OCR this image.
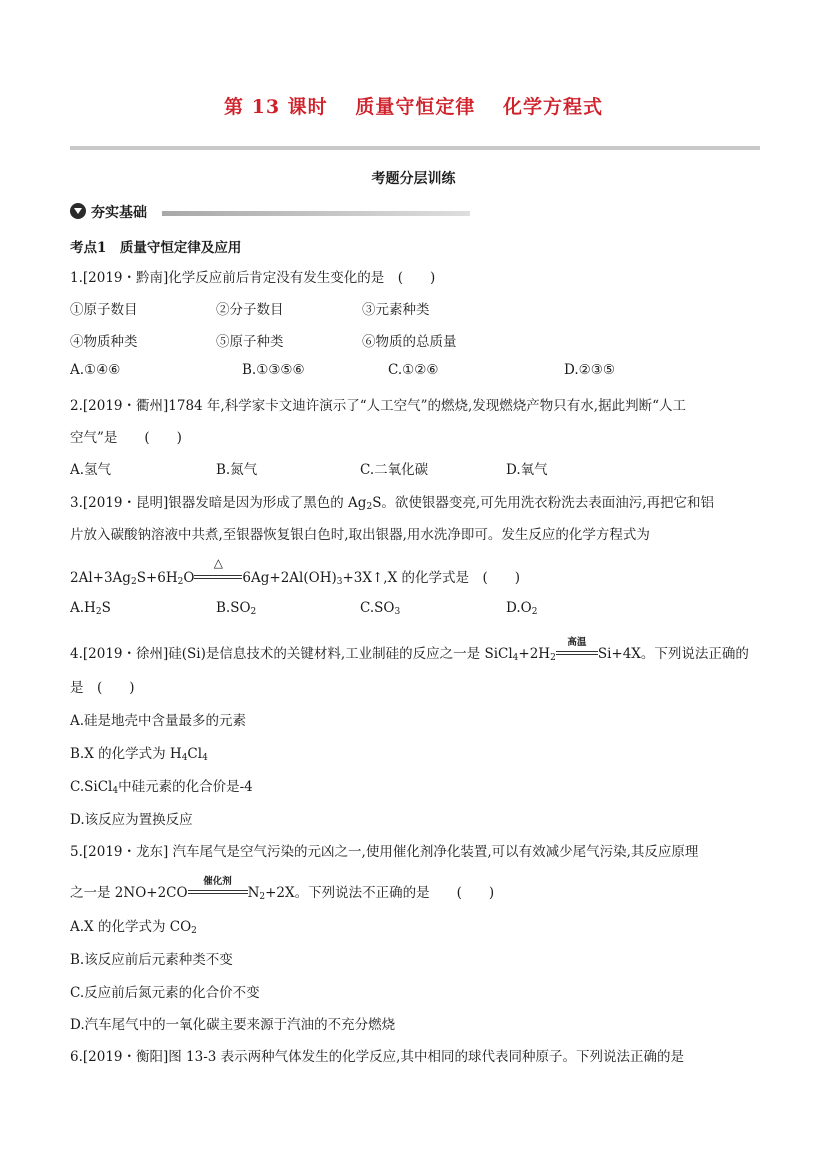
第 13 课时 质量守恒定律 化学方程式
考题分层训练
夯实基础
考点1　质量守恒定律及应用
1.[2019・黔南]化学反应前后肯定没有发生变化的是　(　　)
①原子数目	②分子数目	③元素种类
④物质种类	⑤原子种类	⑥物质的总质量
A.①④⑥	B.①③⑤⑥	C.①②⑥	D.②③⑤
2.[2019・衢州]1784 年,科学家卡文迪许演示了“人工空气”的燃烧,发现燃烧产物只有水,据此判断“人工
空气”是　　(　　)
A.氢气	B.氮气	C.二氧化碳	D.氧气
3.[2019・昆明]银器发暗是因为形成了黑色的 $Ag_2S$。欲使银器变亮,可先用洗衣粉洗去表面油污,再把它和铝
片放入碳酸钠溶液中共煮,至银器恢复银白色时,取出银器,用水洗净即可。发生反应的化学方程式为
$2Al+3Ag_2S+6H_2O$
△
$6Ag+2Al(OH)_3+3X↑,X$ 的化学式是　(　　)
$A.H_2S$	$B.SO_2$	$C.SO_3$	$D.O_2$
4.[2019・徐州]硅(Si)是信息技术的关键材料,工业制硅的反应之一是 $SiCl_4+2H_2$
高温
Si+4X。下列说法正确的
是　(　　)
A.硅是地壳中含量最多的元素
B.X 的化学式为 $H_4Cl_4$
C.SiCl$_4$中硅元素的化合价是-4
D.该反应为置换反应
5.[2019・龙东] 汽车尾气是空气污染的元凶之一,使用催化剂净化装置,可以有效减少尾气污染,其反应原理
之一是 2NO+2CO
催化剂
$N_2+2X$。下列说法不正确的是　　(　　)
A.X 的化学式为 $CO_2$
B.该反应前后元素种类不变
C.反应前后氮元素的化合价不变
D.汽车尾气中的一氧化碳主要来源于汽油的不充分燃烧
6.[2019・衡阳]图 13-3 表示两种气体发生的化学反应,其中相同的球代表同种原子。下列说法正确的是
